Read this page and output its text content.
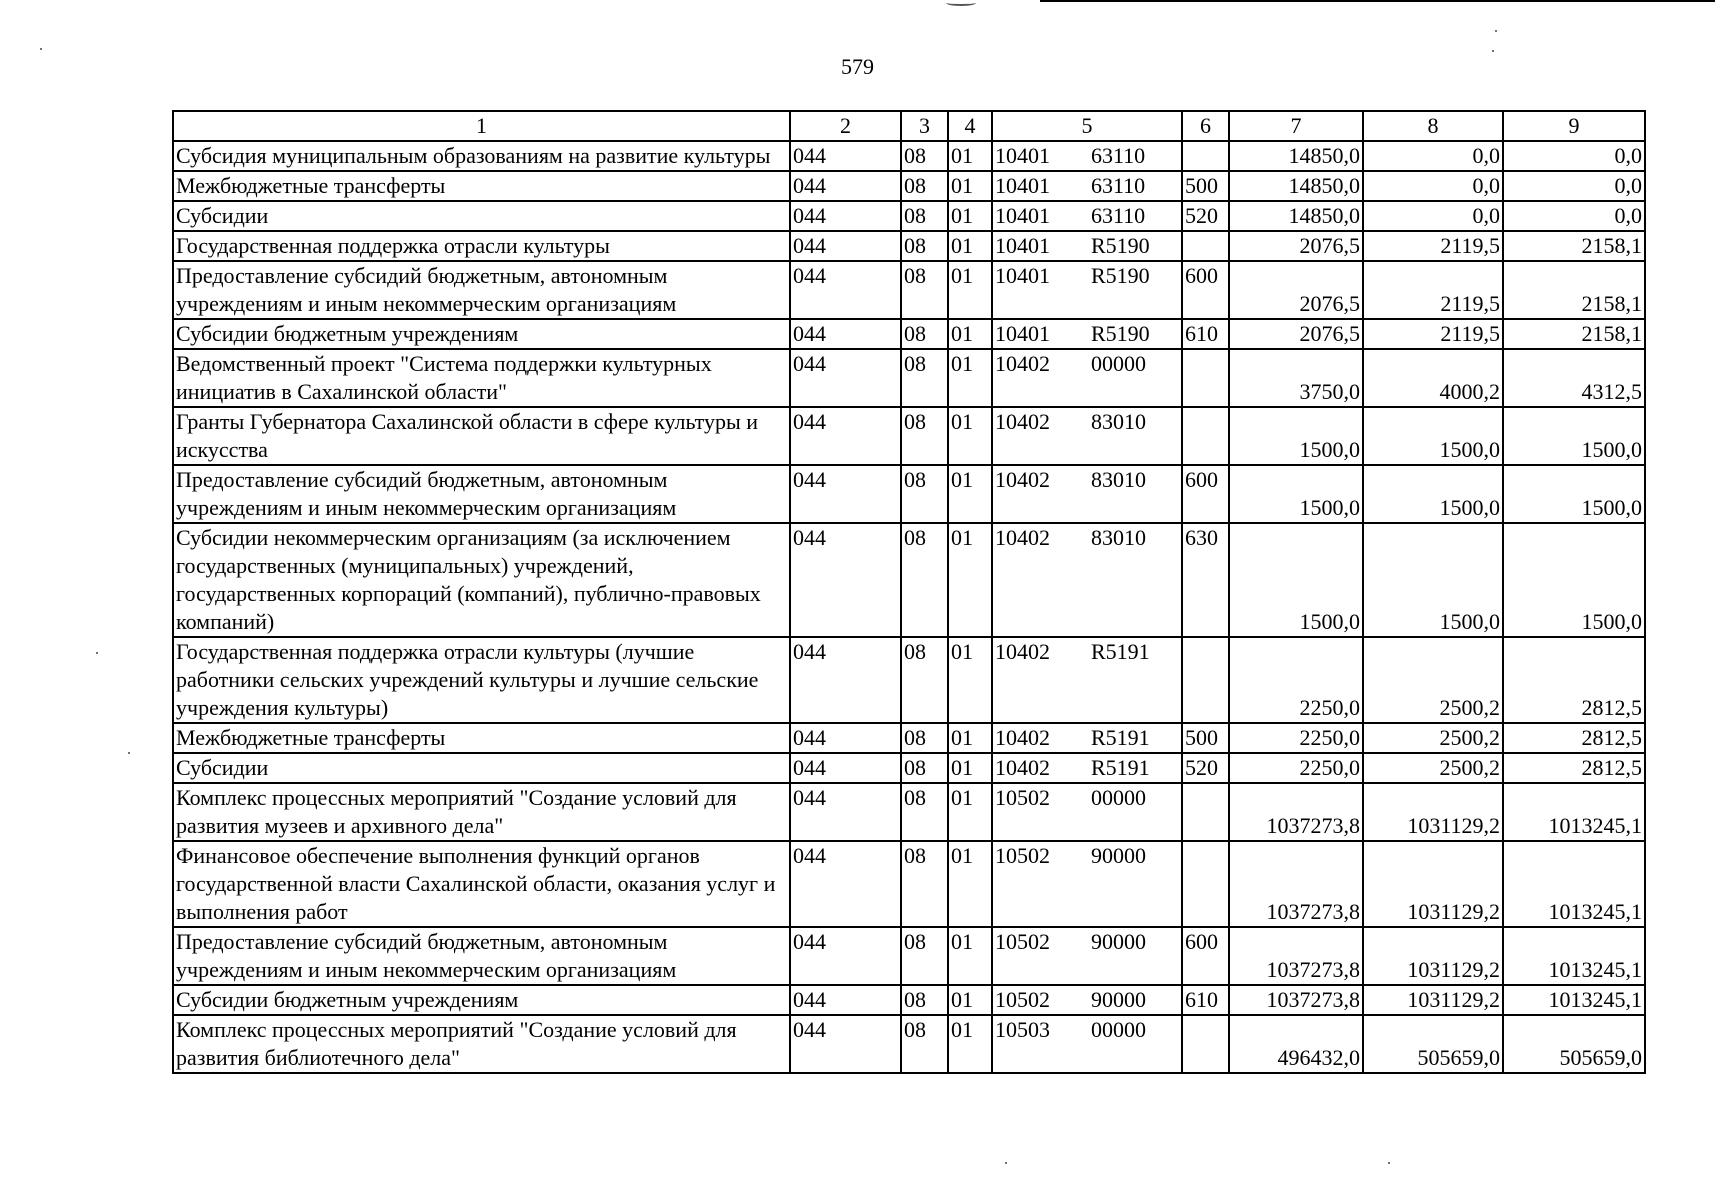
579
1	2	3	4	5	6	7	8	9
Субсидия муниципальным образованиям на развитие культуры	044	08	01	10401 63110		14850,0	0,0	0,0
Межбюджетные трансферты	044	08	01	10401 63110	500	14850,0	0,0	0,0
Субсидии	044	08	01	10401 63110	520	14850,0	0,0	0,0
Государственная поддержка отрасли культуры	044	08	01	10401 R5190		2076,5	2119,5	2158,1
Предоставление субсидий бюджетным, автономным учреждениям и иным некоммерческим организациям	044	08	01	10401 R5190	600	2076,5	2119,5	2158,1
Субсидии бюджетным учреждениям	044	08	01	10401 R5190	610	2076,5	2119,5	2158,1
Ведомственный проект "Система поддержки культурных инициатив в Сахалинской области"	044	08	01	10402 00000		3750,0	4000,2	4312,5
Гранты Губернатора Сахалинской области в сфере культуры и искусства	044	08	01	10402 83010		1500,0	1500,0	1500,0
Предоставление субсидий бюджетным, автономным учреждениям и иным некоммерческим организациям	044	08	01	10402 83010	600	1500,0	1500,0	1500,0
Субсидии некоммерческим организациям (за исключением государственных (муниципальных) учреждений, государственных корпораций (компаний), публично-правовых компаний)	044	08	01	10402 83010	630	1500,0	1500,0	1500,0
Государственная поддержка отрасли культуры (лучшие работники сельских учреждений культуры и лучшие сельские учреждения культуры)	044	08	01	10402 R5191		2250,0	2500,2	2812,5
Межбюджетные трансферты	044	08	01	10402 R5191	500	2250,0	2500,2	2812,5
Субсидии	044	08	01	10402 R5191	520	2250,0	2500,2	2812,5
Комплекс процессных мероприятий "Создание условий для развития музеев и архивного дела"	044	08	01	10502 00000		1037273,8	1031129,2	1013245,1
Финансовое обеспечение выполнения функций органов государственной власти Сахалинской области, оказания услуг и выполнения работ	044	08	01	10502 90000		1037273,8	1031129,2	1013245,1
Предоставление субсидий бюджетным, автономным учреждениям и иным некоммерческим организациям	044	08	01	10502 90000	600	1037273,8	1031129,2	1013245,1
Субсидии бюджетным учреждениям	044	08	01	10502 90000	610	1037273,8	1031129,2	1013245,1
Комплекс процессных мероприятий "Создание условий для развития библиотечного дела"	044	08	01	10503 00000		496432,0	505659,0	505659,0
